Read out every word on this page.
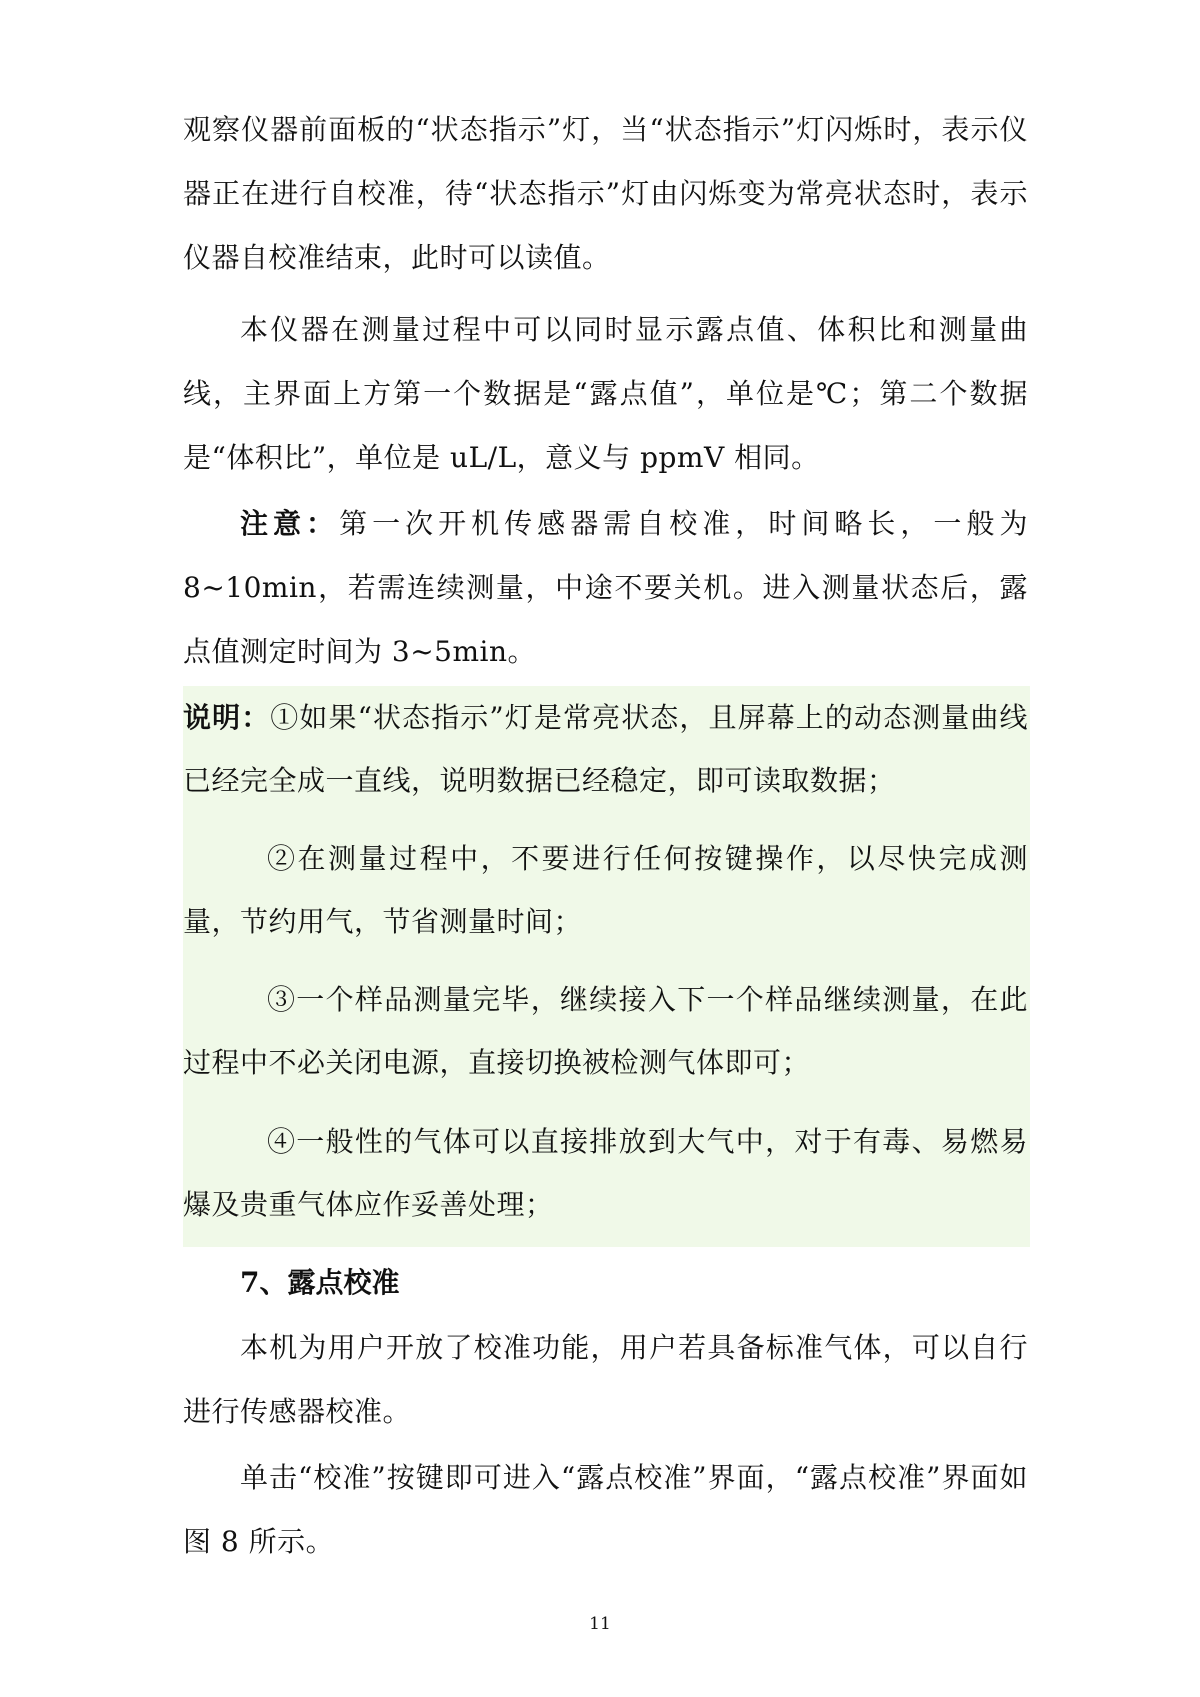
观察仪器前面板的“状态指示”灯，当“状态指示”灯闪烁时，表示仪器正在进行自校准，待“状态指示”灯由闪烁变为常亮状态时，表示仪器自校准结束，此时可以读值。

本仪器在测量过程中可以同时显示露点值、体积比和测量曲线，主界面上方第一个数据是“露点值”，单位是℃；第二个数据是“体积比”，单位是 uL/L，意义与 ppmV 相同。

注意：第一次开机传感器需自校准，时间略长，一般为 8~10min，若需连续测量，中途不要关机。进入测量状态后，露点值测定时间为 3~5min。

说明：①如果“状态指示”灯是常亮状态，且屏幕上的动态测量曲线已经完全成一直线，说明数据已经稳定，即可读取数据；

②在测量过程中，不要进行任何按键操作，以尽快完成测量，节约用气，节省测量时间；

③一个样品测量完毕，继续接入下一个样品继续测量，在此过程中不必关闭电源，直接切换被检测气体即可；

④一般性的气体可以直接排放到大气中，对于有毒、易燃易爆及贵重气体应作妥善处理；

7、露点校准

本机为用户开放了校准功能，用户若具备标准气体，可以自行进行传感器校准。

单击“校准”按键即可进入“露点校准”界面，“露点校准”界面如图 8 所示。

11
